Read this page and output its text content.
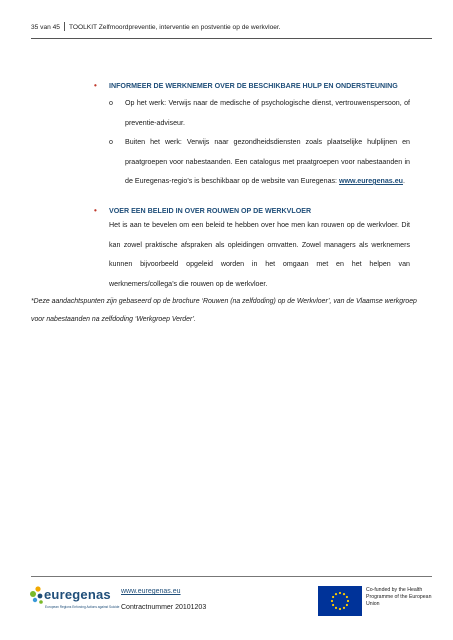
35 van 45 TOOLKIT Zelfmoordpreventie, interventie en postventie op de werkvloer.
• INFORMEER DE WERKNEMER OVER DE BESCHIKBARE HULP EN ONDERSTEUNING
o Op het werk: Verwijs naar de medische of psychologische dienst, vertrouwenspersoon, of preventie-adviseur.
o Buiten het werk: Verwijs naar gezondheidsdiensten zoals plaatselijke hulplijnen en praatgroepen voor nabestaanden. Een catalogus met praatgroepen voor nabestaanden in de Euregenas-regio’s is beschikbaar op de website van Euregenas: www.euregenas.eu.
• VOER EEN BELEID IN OVER ROUWEN OP DE WERKVLOER
Het is aan te bevelen om een beleid te hebben over hoe men kan rouwen op de werkvloer. Dit kan zowel praktische afspraken als opleidingen omvatten. Zowel managers als werknemers kunnen bijvoorbeeld opgeleid worden in het omgaan met en het helpen van werknemers/collega’s die rouwen op de werkvloer.
*Deze aandachtspunten zijn gebaseerd op de brochure ‘Rouwen (na zelfdoding) op de Werkvloer’, van de Vlaamse werkgroep voor nabestaanden na zelfdoding ‘Werkgroep Verder’.
euregenas
European Regions Enforcing Actions against Suicide
www.euregenas.eu
Contractnummer 20101203
Co-funded by the Health Programme of the European Union
